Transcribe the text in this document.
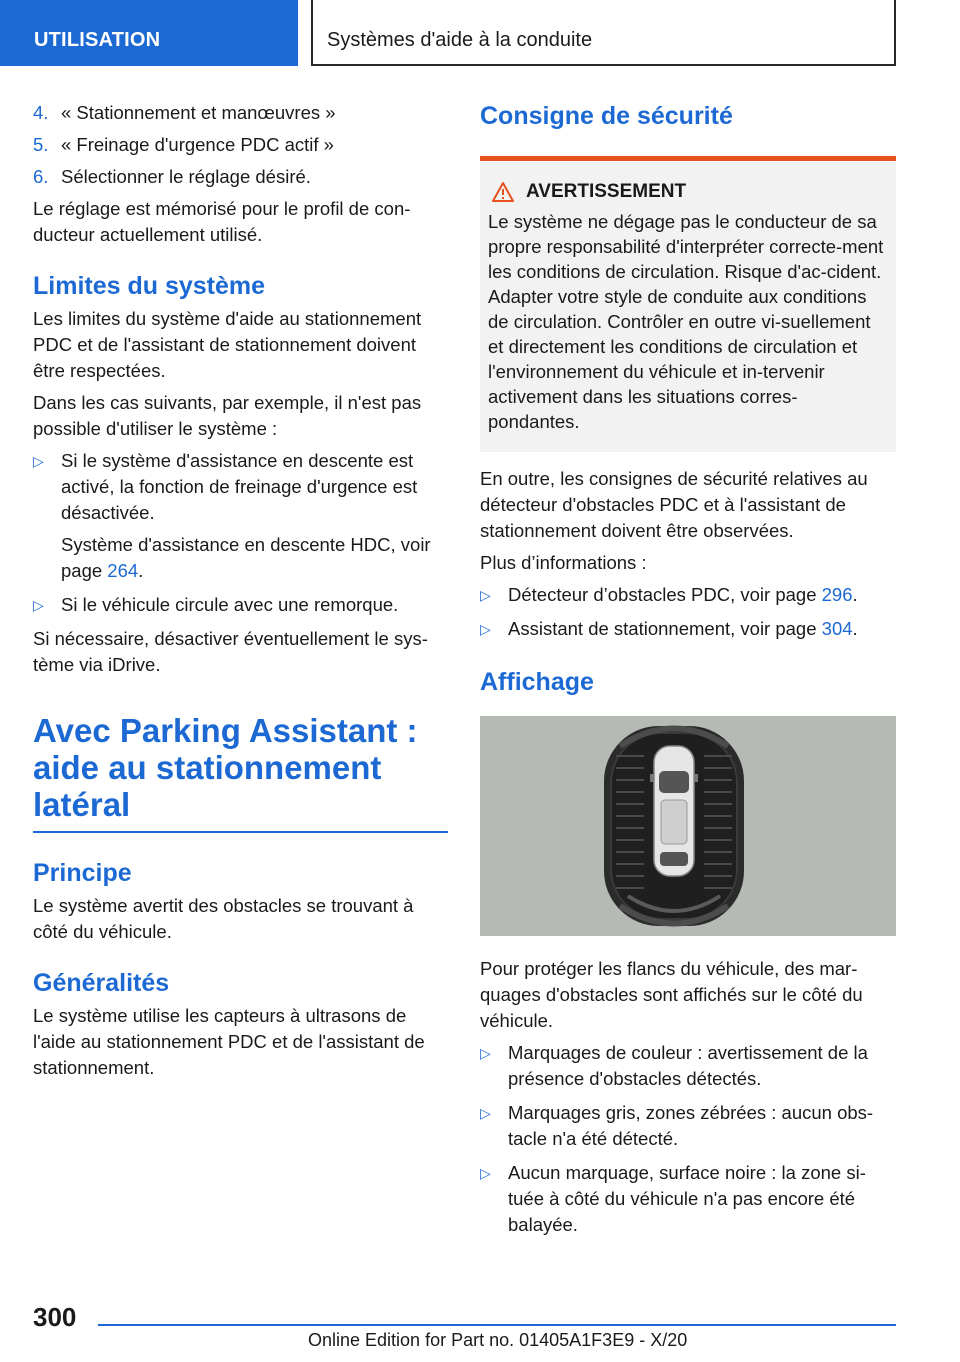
UTILISATION	Systèmes d'aide à la conduite
4. « Stationnement et manœuvres »
5. « Freinage d'urgence PDC actif »
6. Sélectionner le réglage désiré.

Le réglage est mémorisé pour le profil de con-ducteur actuellement utilisé.

Limites du système

Les limites du système d'aide au stationnement PDC et de l'assistant de stationnement doivent être respectées.

Dans les cas suivants, par exemple, il n'est pas possible d'utiliser le système :

▷ Si le système d'assistance en descente est activé, la fonction de freinage d'urgence est désactivée.
Système d'assistance en descente HDC, voir page 264.
▷ Si le véhicule circule avec une remorque.

Si nécessaire, désactiver éventuellement le sys-tème via iDrive.

Avec Parking Assistant : aide au stationnement latéral
Principe

Le système avertit des obstacles se trouvant à côté du véhicule.

Généralités

Le système utilise les capteurs à ultrasons de l'aide au stationnement PDC et de l'assistant de stationnement.

Consigne de sécurité
AVERTISSEMENT

Le système ne dégage pas le conducteur de sa propre responsabilité d'interpréter correcte-ment les conditions de circulation. Risque d'ac-cident. Adapter votre style de conduite aux conditions de circulation. Contrôler en outre vi-suellement et directement les conditions de circulation et l'environnement du véhicule et in-tervenir activement dans les situations corres-pondantes.

En outre, les consignes de sécurité relatives au détecteur d'obstacles PDC et à l'assistant de stationnement doivent être observées.

Plus d’informations :

▷ Détecteur d’obstacles PDC, voir page 296.
▷ Assistant de stationnement, voir page 304.
Affichage

Pour protéger les flancs du véhicule, des mar-quages d'obstacles sont affichés sur le côté du véhicule.

▷ Marquages de couleur : avertissement de la présence d'obstacles détectés.
▷ Marquages gris, zones zébrées : aucun obs-tacle n'a été détecté.
▷ Aucun marquage, surface noire : la zone si-tuée à côté du véhicule n'a pas encore été balayée.
300
Online Edition for Part no. 01405A1F3E9 - X/20
